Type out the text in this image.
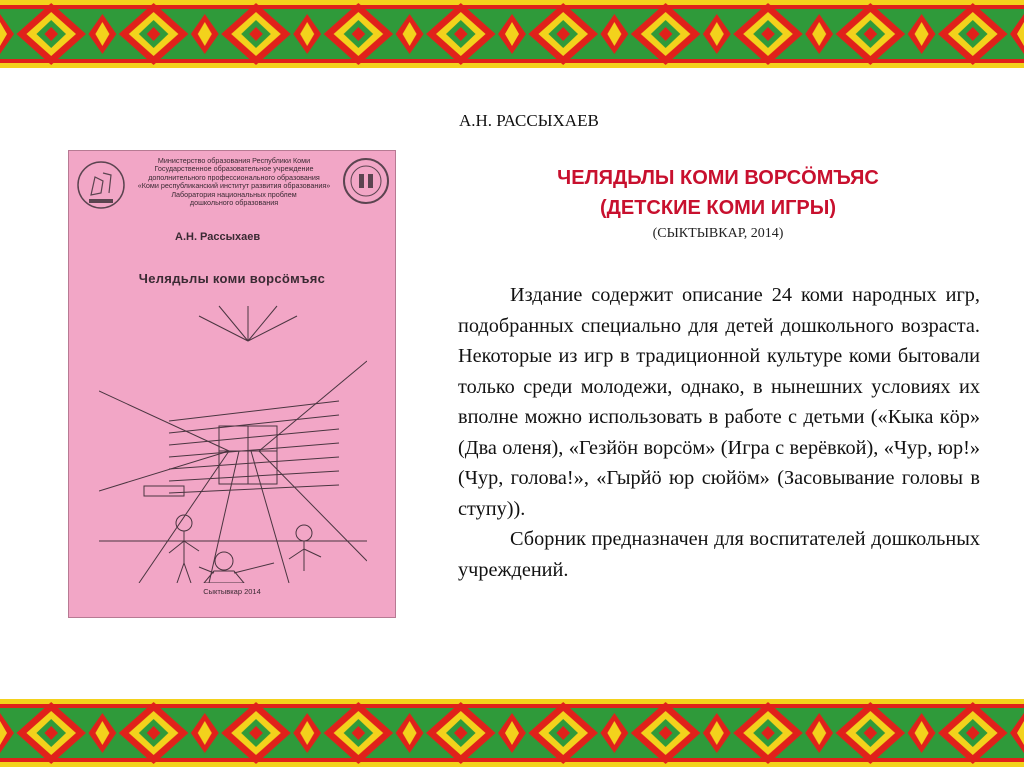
Министерство образования Республики Коми
Государственное образовательное учреждение
дополнительного профессионального образования
«Коми республиканский институт развития образования»
Лаборатория национальных проблем
дошкольного образования
А.Н. Рассыхаев
Челядьлы коми ворсӧмъяс
Сыктывкар 2014
А.Н. РАССЫХАЕВ
ЧЕЛЯДЬЛЫ КОМИ ВОРСӦМЪЯС
(ДЕТСКИЕ КОМИ ИГРЫ)
(СЫКТЫВКАР, 2014)

Издание содержит описание 24 коми народных игр, подобранных специально для детей дошкольного возраста. Некоторые из игр в традиционной культуре коми бытовали только среди молодежи, однако, в нынешних условиях их вполне можно использовать в работе с детьми («Кыка кӧр» (Два оленя), «Гезйӧн ворсӧм» (Игра с верёвкой), «Чур, юр!» (Чур, голова!», «Гырйӧ юр сюйӧм» (Засовывание головы в ступу)).

Сборник предназначен для воспитателей дошкольных учреждений.
